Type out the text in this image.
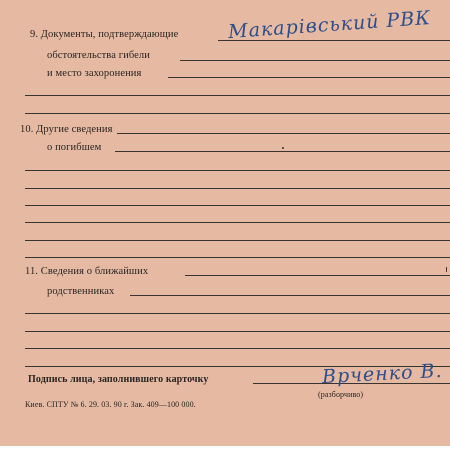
9. Документы, подтверждающие	Макарівський РВК
обстоятельства гибели
и место захоронения
10. Другие сведения
о погибшем
11. Сведения о ближайших
родственниках
Подпись лица, заполнившего карточку	Врченко В.
(разборчиво)
Киев. СПТУ № 6. 29. 03. 90 г. Зак. 409—100 000.
